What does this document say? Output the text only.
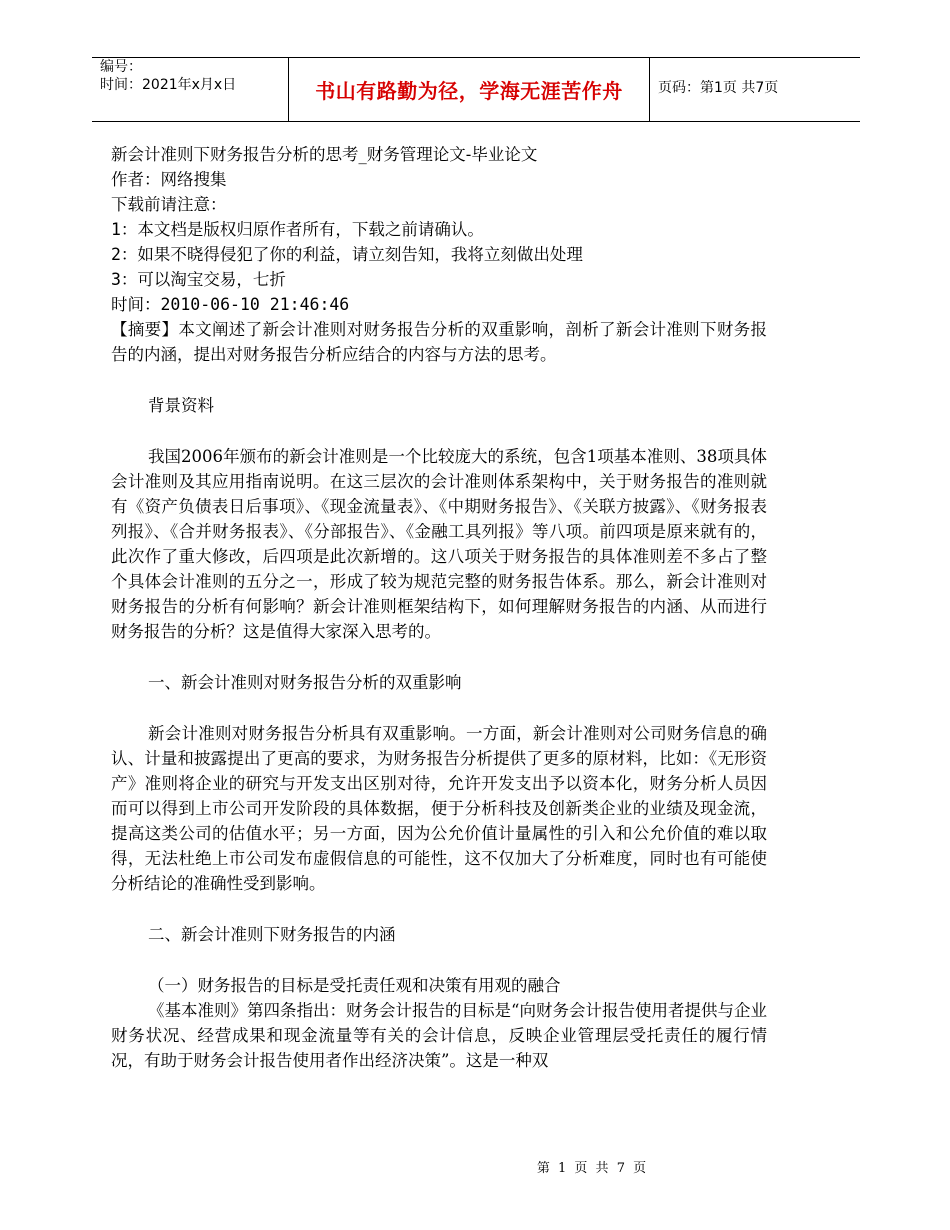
编号：
时间：2021年x月x日	书山有路勤为径，学海无涯苦作舟	页码：第1页 共7页
新会计准则下财务报告分析的思考_财务管理论文-毕业论文
作者：网络搜集
下载前请注意：
1：本文档是版权归原作者所有，下载之前请确认。
2：如果不晓得侵犯了你的利益，请立刻告知，我将立刻做出处理
3：可以淘宝交易，七折
时间：2010-06-10 21:46:46

【摘要】本文阐述了新会计准则对财务报告分析的双重影响，剖析了新会计准则下财务报告的内涵，提出对财务报告分析应结合的内容与方法的思考。

背景资料

我国2006年颁布的新会计准则是一个比较庞大的系统，包含1项基本准则、38项具体会计准则及其应用指南说明。在这三层次的会计准则体系架构中，关于财务报告的准则就有《资产负债表日后事项》、《现金流量表》、《中期财务报告》、《关联方披露》、《财务报表列报》、《合并财务报表》、《分部报告》、《金融工具列报》等八项。前四项是原来就有的，此次作了重大修改，后四项是此次新增的。这八项关于财务报告的具体准则差不多占了整个具体会计准则的五分之一，形成了较为规范完整的财务报告体系。那么，新会计准则对财务报告的分析有何影响？新会计准则框架结构下，如何理解财务报告的内涵、从而进行财务报告的分析？这是值得大家深入思考的。

一、新会计准则对财务报告分析的双重影响

新会计准则对财务报告分析具有双重影响。一方面，新会计准则对公司财务信息的确认、计量和披露提出了更高的要求，为财务报告分析提供了更多的原材料，比如：《无形资产》准则将企业的研究与开发支出区别对待，允许开发支出予以资本化，财务分析人员因而可以得到上市公司开发阶段的具体数据，便于分析科技及创新类企业的业绩及现金流，提高这类公司的估值水平；另一方面，因为公允价值计量属性的引入和公允价值的难以取得，无法杜绝上市公司发布虚假信息的可能性，这不仅加大了分析难度，同时也有可能使分析结论的准确性受到影响。

二、新会计准则下财务报告的内涵

（一）财务报告的目标是受托责任观和决策有用观的融合

《基本准则》第四条指出：财务会计报告的目标是“向财务会计报告使用者提供与企业财务状况、经营成果和现金流量等有关的会计信息，反映企业管理层受托责任的履行情况，有助于财务会计报告使用者作出经济决策”。这是一种双

第 1 页 共 7 页
